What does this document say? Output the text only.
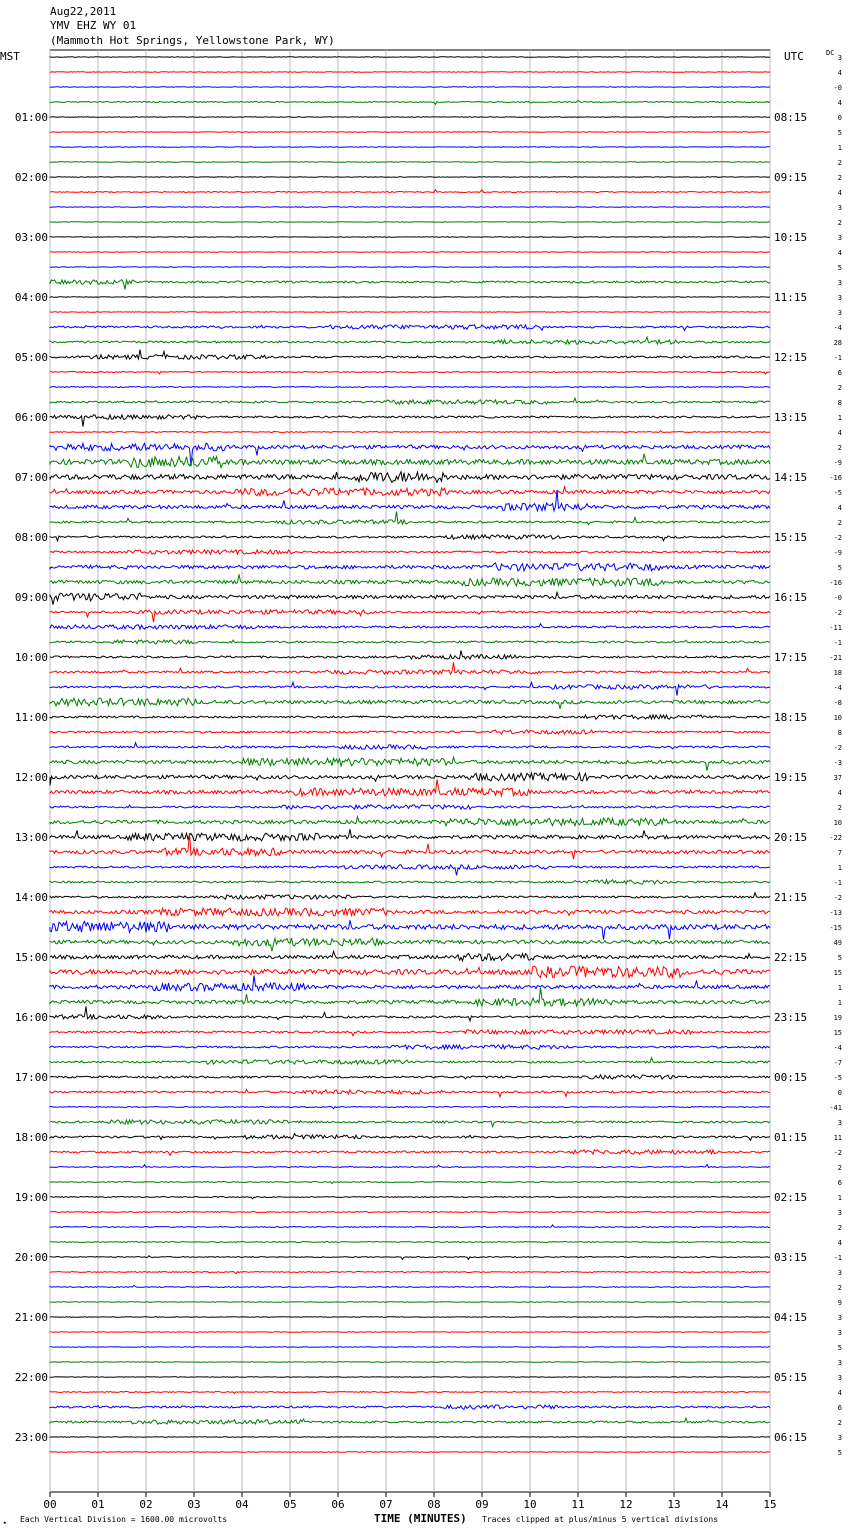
Aug22,2011
YMV EHZ WY 01
(Mammoth Hot Springs, Yellowstone Park, WY)
MST	UTC	DC
00	01	02	03	04	05	06	07	08	09	10	11	12	13	14	15
3
4
-0
4
0
5
1
2
2
4
3
2
3
4
5
3
3
3
-4
28
-1
6
2
8
1
4
2
-9
-16
-5
4
2
-2
-9
5
-16
-0
-2
-11
-1
-21
18
-4
-8
10
8
-2
-3
37
4
2
10
-22
7
1
-1
-2
-13
-15
49
5
15
1
1
19
15
-4
-7
-5
0
-41
3
11
-2
2
6
1
3
2
4
-1
3
2
9
3
3
5
3
3
4
6
2
3
5
01:00	08:15
02:00	09:15
03:00	10:15
04:00	11:15
05:00	12:15
06:00	13:15
07:00	14:15
08:00	15:15
09:00	16:15
10:00	17:15
11:00	18:15
12:00	19:15
13:00	20:15
14:00	21:15
15:00	22:15
16:00	23:15
17:00	00:15
18:00	01:15
19:00	02:15
20:00	03:15
21:00	04:15
22:00	05:15
23:00	06:15
★ Each Vertical Division = 1600.00 microvolts	TIME (MINUTES) Traces clipped at plus/minus 5 vertical divisions
